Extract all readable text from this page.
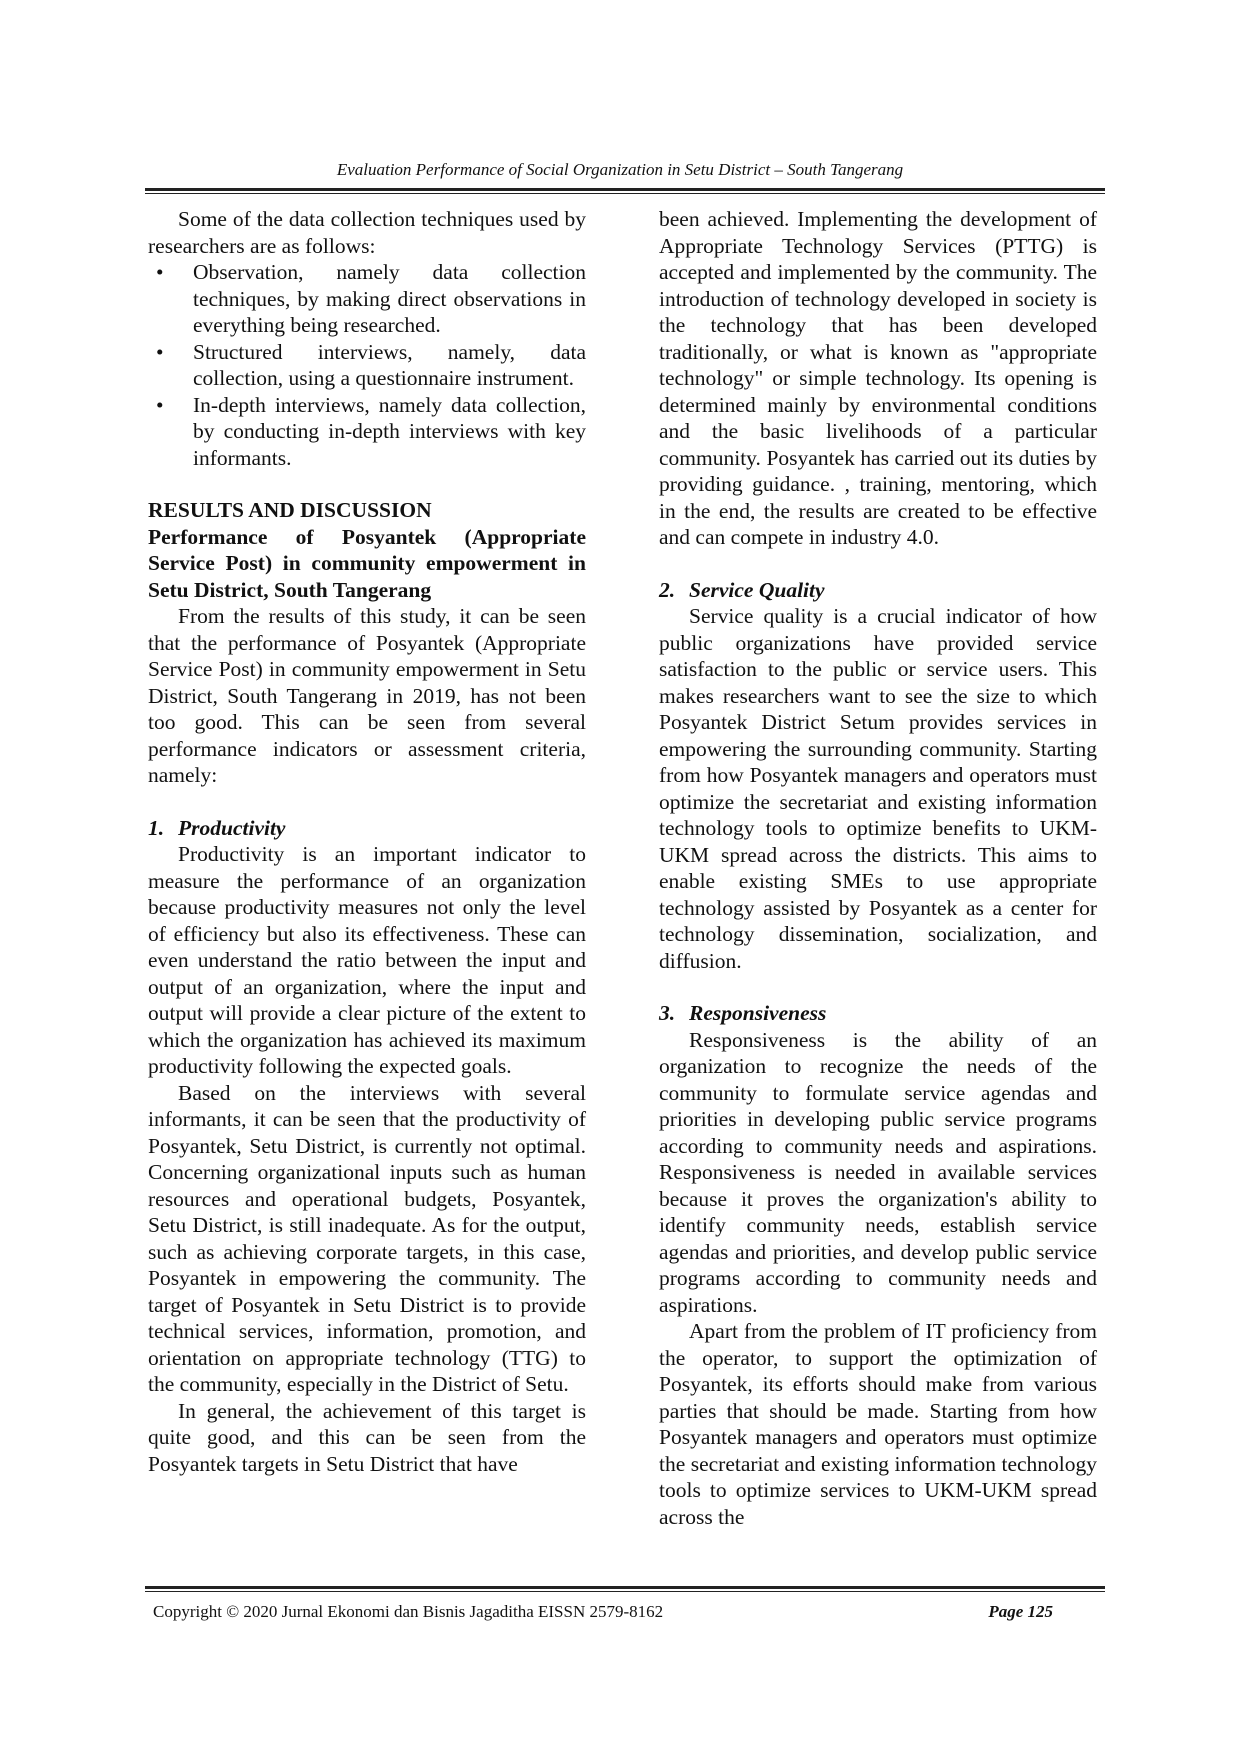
Evaluation Performance of Social Organization in Setu District – South Tangerang

Some of the data collection techniques used by researchers are as follows:

• Observation, namely data collection techniques, by making direct observations in everything being researched.
• Structured interviews, namely, data collection, using a questionnaire instrument.
• In-depth interviews, namely data collection, by conducting in-depth interviews with key informants.

RESULTS AND DISCUSSION

Performance of Posyantek (Appropriate Service Post) in community empowerment in Setu District, South Tangerang

From the results of this study, it can be seen that the performance of Posyantek (Appropriate Service Post) in community empowerment in Setu District, South Tangerang in 2019, has not been too good. This can be seen from several performance indicators or assessment criteria, namely:

1. Productivity

Productivity is an important indicator to measure the performance of an organization because productivity measures not only the level of efficiency but also its effectiveness. These can even understand the ratio between the input and output of an organization, where the input and output will provide a clear picture of the extent to which the organization has achieved its maximum productivity following the expected goals.

Based on the interviews with several informants, it can be seen that the productivity of Posyantek, Setu District, is currently not optimal. Concerning organizational inputs such as human resources and operational budgets, Posyantek, Setu District, is still inadequate. As for the output, such as achieving corporate targets, in this case, Posyantek in empowering the community. The target of Posyantek in Setu District is to provide technical services, information, promotion, and orientation on appropriate technology (TTG) to the community, especially in the District of Setu.

In general, the achievement of this target is quite good, and this can be seen from the Posyantek targets in Setu District that have

been achieved. Implementing the development of Appropriate Technology Services (PTTG) is accepted and implemented by the community. The introduction of technology developed in society is the technology that has been developed traditionally, or what is known as "appropriate technology" or simple technology. Its opening is determined mainly by environmental conditions and the basic livelihoods of a particular community. Posyantek has carried out its duties by providing guidance. , training, mentoring, which in the end, the results are created to be effective and can compete in industry 4.0.

2. Service Quality

Service quality is a crucial indicator of how public organizations have provided service satisfaction to the public or service users. This makes researchers want to see the size to which Posyantek District Setum provides services in empowering the surrounding community. Starting from how Posyantek managers and operators must optimize the secretariat and existing information technology tools to optimize benefits to UKM-UKM spread across the districts. This aims to enable existing SMEs to use appropriate technology assisted by Posyantek as a center for technology dissemination, socialization, and diffusion.

3. Responsiveness

Responsiveness is the ability of an organization to recognize the needs of the community to formulate service agendas and priorities in developing public service programs according to community needs and aspirations. Responsiveness is needed in available services because it proves the organization's ability to identify community needs, establish service agendas and priorities, and develop public service programs according to community needs and aspirations.

Apart from the problem of IT proficiency from the operator, to support the optimization of Posyantek, its efforts should make from various parties that should be made. Starting from how Posyantek managers and operators must optimize the secretariat and existing information technology tools to optimize services to UKM-UKM spread across the

Copyright © 2020 Jurnal Ekonomi dan Bisnis Jagaditha EISSN 2579-8162	Page 125
